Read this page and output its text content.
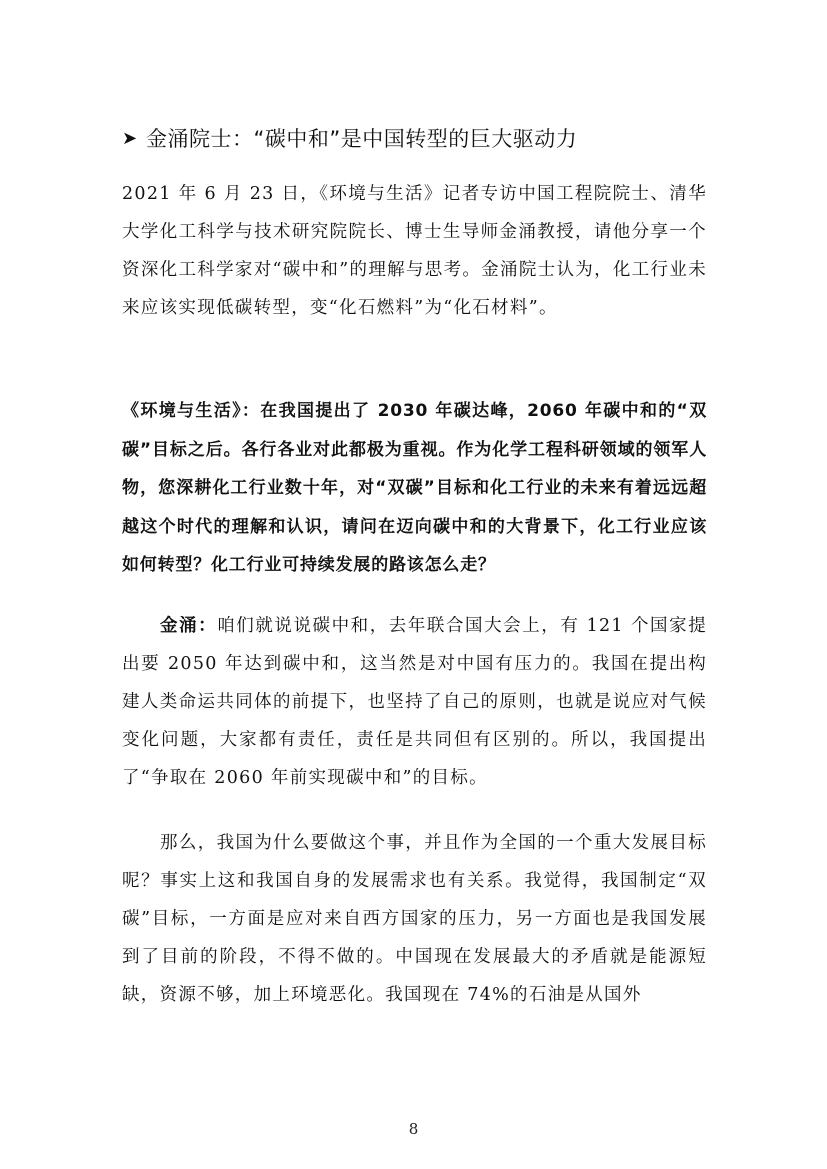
➤ 金涌院士：“碳中和”是中国转型的巨大驱动力

2021 年 6 月 23 日，《环境与生活》记者专访中国工程院院士、清华大学化工科学与技术研究院院长、博士生导师金涌教授，请他分享一个资深化工科学家对“碳中和”的理解与思考。金涌院士认为，化工行业未来应该实现低碳转型，变“化石燃料”为“化石材料”。

《环境与生活》：在我国提出了 2030 年碳达峰，2060 年碳中和的“双碳”目标之后。各行各业对此都极为重视。作为化学工程科研领域的领军人物，您深耕化工行业数十年，对“双碳”目标和化工行业的未来有着远远超越这个时代的理解和认识，请问在迈向碳中和的大背景下，化工行业应该如何转型？化工行业可持续发展的路该怎么走？

金涌：咱们就说说碳中和，去年联合国大会上，有 121 个国家提出要 2050 年达到碳中和，这当然是对中国有压力的。我国在提出构建人类命运共同体的前提下，也坚持了自己的原则，也就是说应对气候变化问题，大家都有责任，责任是共同但有区别的。所以，我国提出了“争取在 2060 年前实现碳中和”的目标。

那么，我国为什么要做这个事，并且作为全国的一个重大发展目标呢？事实上这和我国自身的发展需求也有关系。我觉得，我国制定“双碳”目标，一方面是应对来自西方国家的压力，另一方面也是我国发展到了目前的阶段，不得不做的。中国现在发展最大的矛盾就是能源短缺，资源不够，加上环境恶化。我国现在 74%的石油是从国外

8
